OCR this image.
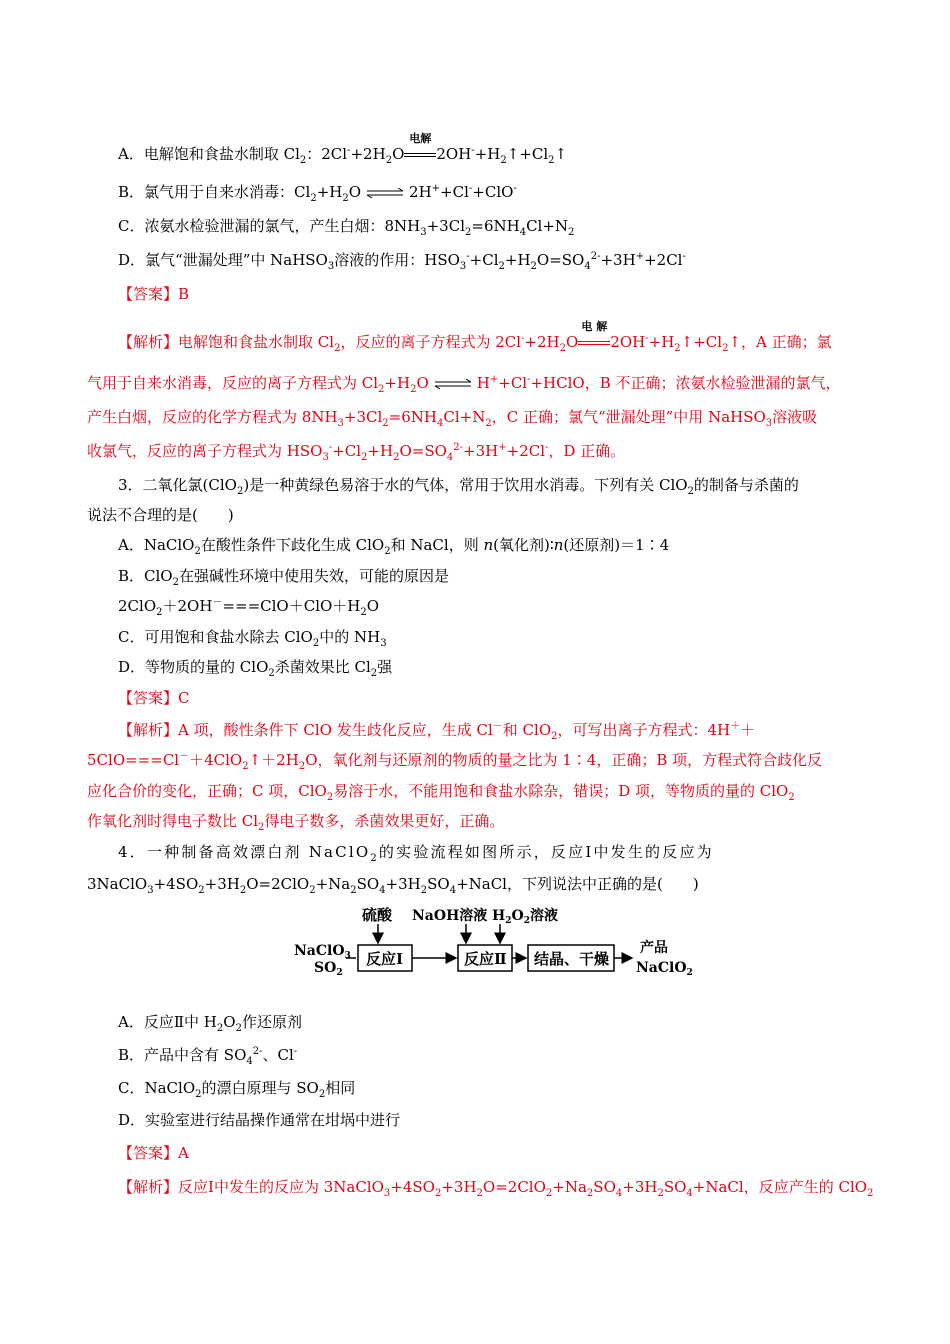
A．电解饱和食盐水制取 $Cl_2$：$2Cl^-+2H_2O$
电解
$2OH^-+H_2↑+Cl_2↑$
B．氯气用于自来水消毒：$Cl_2+H_2O$ ⇌ 2H++Cl-+ClO-
C．浓氨水检验泄漏的氯气，产生白烟：$8NH_3+3Cl_2=6NH_4Cl+N_2$
D．氯气“泄漏处理”中 NaHSO$_3$溶液的作用：$HSO_3^-+Cl_2+H_2O=SO_4^{2-}+3H^++2Cl^-$
【答案】B
【解析】电解饱和食盐水制取 $Cl_2$，反应的离子方程式为 $2Cl^-+2H_2O$
电 解
$2OH^-+H_2↑+Cl_2↑$，A 正确；氯
气用于自来水消毒，反应的离子方程式为 $Cl_2+H_2O$ ⇌ H++Cl-+HClO，B 不正确；浓氨水检验泄漏的氯气，
产生白烟，反应的化学方程式为 $8NH_3+3Cl_2=6NH_4Cl+N_2$，C 正确；氯气“泄漏处理”中用 NaHSO$_3$溶液吸
收氯气，反应的离子方程式为 $HSO_3^-+Cl_2+H_2O=SO_4^{2-}+3H^++2Cl^-$，D 正确。
3．二氧化氯(ClO$_2$)是一种黄绿色易溶于水的气体，常用于饮用水消毒。下列有关 ClO$_2$的制备与杀菌的
说法不合理的是(　　)
A．NaClO$_2$在酸性条件下歧化生成 ClO$_2$和 NaCl，则 n(氧化剂)∶n(还原剂)＝1∶4
B．ClO$_2$在强碱性环境中使用失效，可能的原因是
$2ClO_2+2OH^-===ClO+ClO+H_2O$
C．可用饱和食盐水除去 ClO$_2$中的 $NH_3$
D．等物质的量的 ClO$_2$杀菌效果比 $Cl_2$强
【答案】C
【解析】A 项，酸性条件下 ClO 发生歧化反应，生成 Cl－和 ClO$_2$，可写出离子方程式：4H＋＋
$5ClO===Cl^-+4ClO_2↑+2H_2O$，氧化剂与还原剂的物质的量之比为 1∶4，正确；B 项，方程式符合歧化反
应化合价的变化，正确；C 项，ClO$_2$易溶于水，不能用饱和食盐水除杂，错误；D 项，等物质的量的 ClO$_2$
作氧化剂时得电子数比 $Cl_2$得电子数多，杀菌效果更好，正确。
4．一种制备高效漂白剂 NaClO$_2$的实验流程如图所示，反应Ⅰ中发生的反应为
$3NaClO_3+4SO_2+3H_2O=2ClO_2+Na_2SO_4+3H_2SO_4+NaCl$，下列说法中正确的是(　　)
硫酸 NaOH溶液 $H_2O_2$溶液
NaClO$_3$
$SO_2$
反应Ⅰ	反应Ⅱ 结晶、干燥
产品
NaClO$_2$
A．反应Ⅱ中 $H_2O_2$作还原剂
B．产品中含有 $SO_4^{2-}$、Cl-
C．NaClO$_2$的漂白原理与 $SO_2$相同
D．实验室进行结晶操作通常在坩埚中进行
【答案】A
【解析】反应Ⅰ中发生的反应为 $3NaClO_3+4SO_2+3H_2O=2ClO_2+Na_2SO_4+3H_2SO_4+NaCl$，反应产生的 ClO$_2$
